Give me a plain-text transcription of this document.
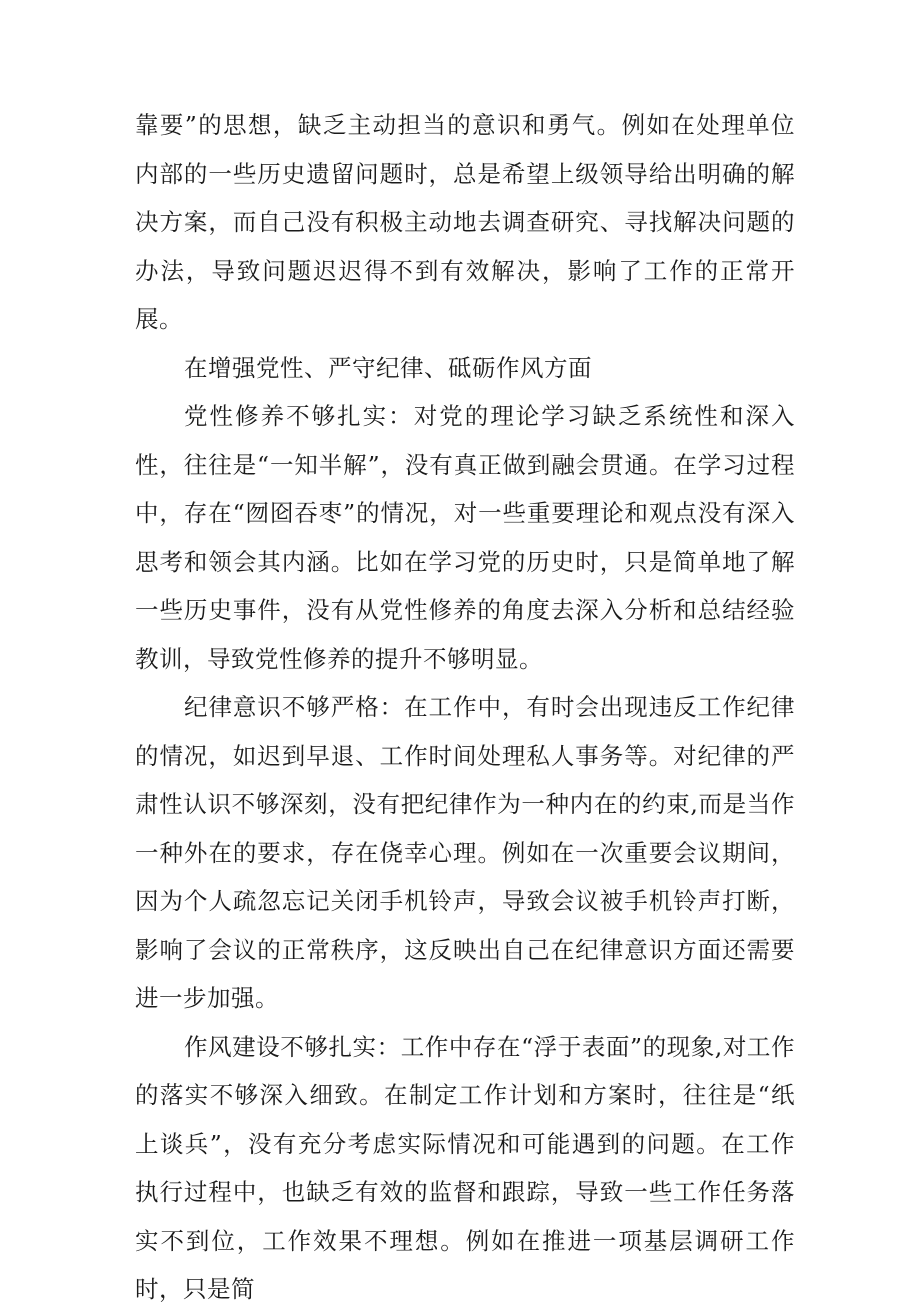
靠要”的思想，缺乏主动担当的意识和勇气。例如在处理单位内部的一些历史遗留问题时，总是希望上级领导给出明确的解决方案，而自己没有积极主动地去调查研究、寻找解决问题的办法，导致问题迟迟得不到有效解决，影响了工作的正常开展。

在增强党性、严守纪律、砥砺作风方面

党性修养不够扎实：对党的理论学习缺乏系统性和深入性，往往是“一知半解”，没有真正做到融会贯通。在学习过程中，存在“囫囵吞枣”的情况，对一些重要理论和观点没有深入思考和领会其内涵。比如在学习党的历史时，只是简单地了解一些历史事件，没有从党性修养的角度去深入分析和总结经验教训，导致党性修养的提升不够明显。

纪律意识不够严格：在工作中，有时会出现违反工作纪律的情况，如迟到早退、工作时间处理私人事务等。对纪律的严肃性认识不够深刻，没有把纪律作为一种内在的约束,而是当作一种外在的要求，存在侥幸心理。例如在一次重要会议期间，因为个人疏忽忘记关闭手机铃声，导致会议被手机铃声打断，影响了会议的正常秩序，这反映出自己在纪律意识方面还需要进一步加强。

作风建设不够扎实：工作中存在“浮于表面”的现象,对工作的落实不够深入细致。在制定工作计划和方案时，往往是“纸上谈兵”，没有充分考虑实际情况和可能遇到的问题。在工作执行过程中，也缺乏有效的监督和跟踪，导致一些工作任务落实不到位，工作效果不理想。例如在推进一项基层调研工作时，只是简
